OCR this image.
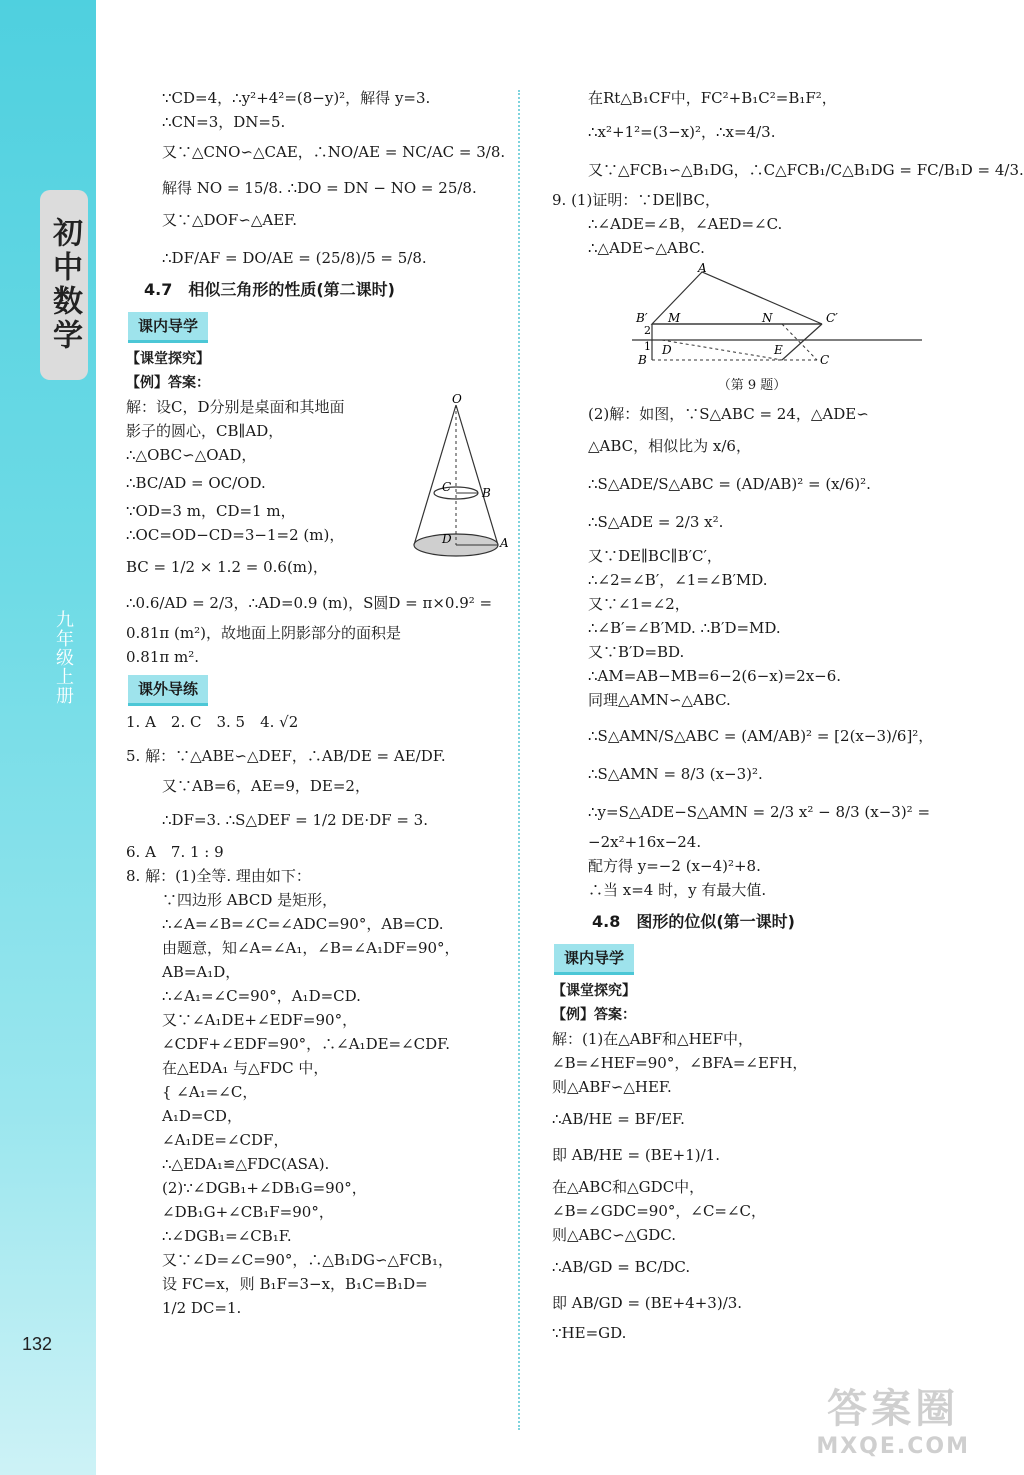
初中数学
九年级上册
132
∵CD=4，∴y²+4²=(8−y)²，解得 y=3.
∴CN=3，DN=5.
又∵△CNO∽△CAE，∴NO/AE = NC/AC = 3/8.
解得 NO = 15/8. ∴DO = DN − NO = 25/8.
又∵△DOF∽△AEF.
∴DF/AF = DO/AE = (25/8)/5 = 5/8.
4.7　相似三角形的性质(第二课时)
课内导学
【课堂探究】
【例】答案：
O
C	B
D	A
解：设C，D分别是桌面和其地面
影子的圆心，CB∥AD，
∴△OBC∽△OAD，
∴BC/AD = OC/OD.
∵OD=3 m，CD=1 m，
∴OC=OD−CD=3−1=2 (m)，
BC = 1/2 × 1.2 = 0.6(m)，
∴0.6/AD = 2/3，∴AD=0.9 (m)，S圆D = π×0.9² =
0.81π (m²)，故地面上阴影部分的面积是
0.81π m².
课外导练
1. A　2. C　3. 5　4. √2
5. 解：∵△ABE∽△DEF，∴AB/DE = AE/DF.
又∵AB=6，AE=9，DE=2，
∴DF=3. ∴S△DEF = 1/2 DE·DF = 3.
6. A　7. 1 : 9
8. 解：(1)全等. 理由如下：
∵四边形 ABCD 是矩形，
∴∠A=∠B=∠C=∠ADC=90°，AB=CD.
由题意，知∠A=∠A₁，∠B=∠A₁DF=90°，
AB=A₁D，
∴∠A₁=∠C=90°，A₁D=CD.
又∵∠A₁DE+∠EDF=90°，
∠CDF+∠EDF=90°，∴∠A₁DE=∠CDF.
在△EDA₁ 与△FDC 中，
{ ∠A₁=∠C，
A₁D=CD，
∠A₁DE=∠CDF，
∴△EDA₁≌△FDC(ASA).
(2)∵∠DGB₁+∠DB₁G=90°，
∠DB₁G+∠CB₁F=90°，
∴∠DGB₁=∠CB₁F.
又∵∠D=∠C=90°，∴△B₁DG∽△FCB₁，
设 FC=x，则 B₁F=3−x，B₁C=B₁D=
1/2 DC=1.
在Rt△B₁CF中，FC²+B₁C²=B₁F²，
∴x²+1²=(3−x)²，∴x=4/3.
又∵△FCB₁∽△B₁DG，∴C△FCB₁/C△B₁DG = FC/B₁D = 4/3.
9. (1)证明：∵DE∥BC，
∴∠ADE=∠B，∠AED=∠C.
∴△ADE∽△ABC.
A
B′ M	N	C′
2
1
B
D	E
C
（第 9 题）
(2)解：如图，∵S△ABC = 24，△ADE∽
△ABC，相似比为 x/6，
∴S△ADE/S△ABC = (AD/AB)² = (x/6)².
∴S△ADE = 2/3 x².
又∵DE∥BC∥B′C′，
∴∠2=∠B′，∠1=∠B′MD.
又∵∠1=∠2，
∴∠B′=∠B′MD. ∴B′D=MD.
又∵B′D=BD.
∴AM=AB−MB=6−2(6−x)=2x−6.
同理△AMN∽△ABC.
∴S△AMN/S△ABC = (AM/AB)² = [2(x−3)/6]²，
∴S△AMN = 8/3 (x−3)².
∴y=S△ADE−S△AMN = 2/3 x² − 8/3 (x−3)² =
−2x²+16x−24.
配方得 y=−2 (x−4)²+8.
∴当 x=4 时，y 有最大值.
4.8　图形的位似(第一课时)
课内导学
【课堂探究】
【例】答案：
解：(1)在△ABF和△HEF中，
∠B=∠HEF=90°，∠BFA=∠EFH，
则△ABF∽△HEF.
∴AB/HE = BF/EF.
即 AB/HE = (BE+1)/1.
在△ABC和△GDC中，
∠B=∠GDC=90°，∠C=∠C，
则△ABC∽△GDC.
∴AB/GD = BC/DC.
即 AB/GD = (BE+4+3)/3.
∵HE=GD.
答案圈
MXQE.COM
